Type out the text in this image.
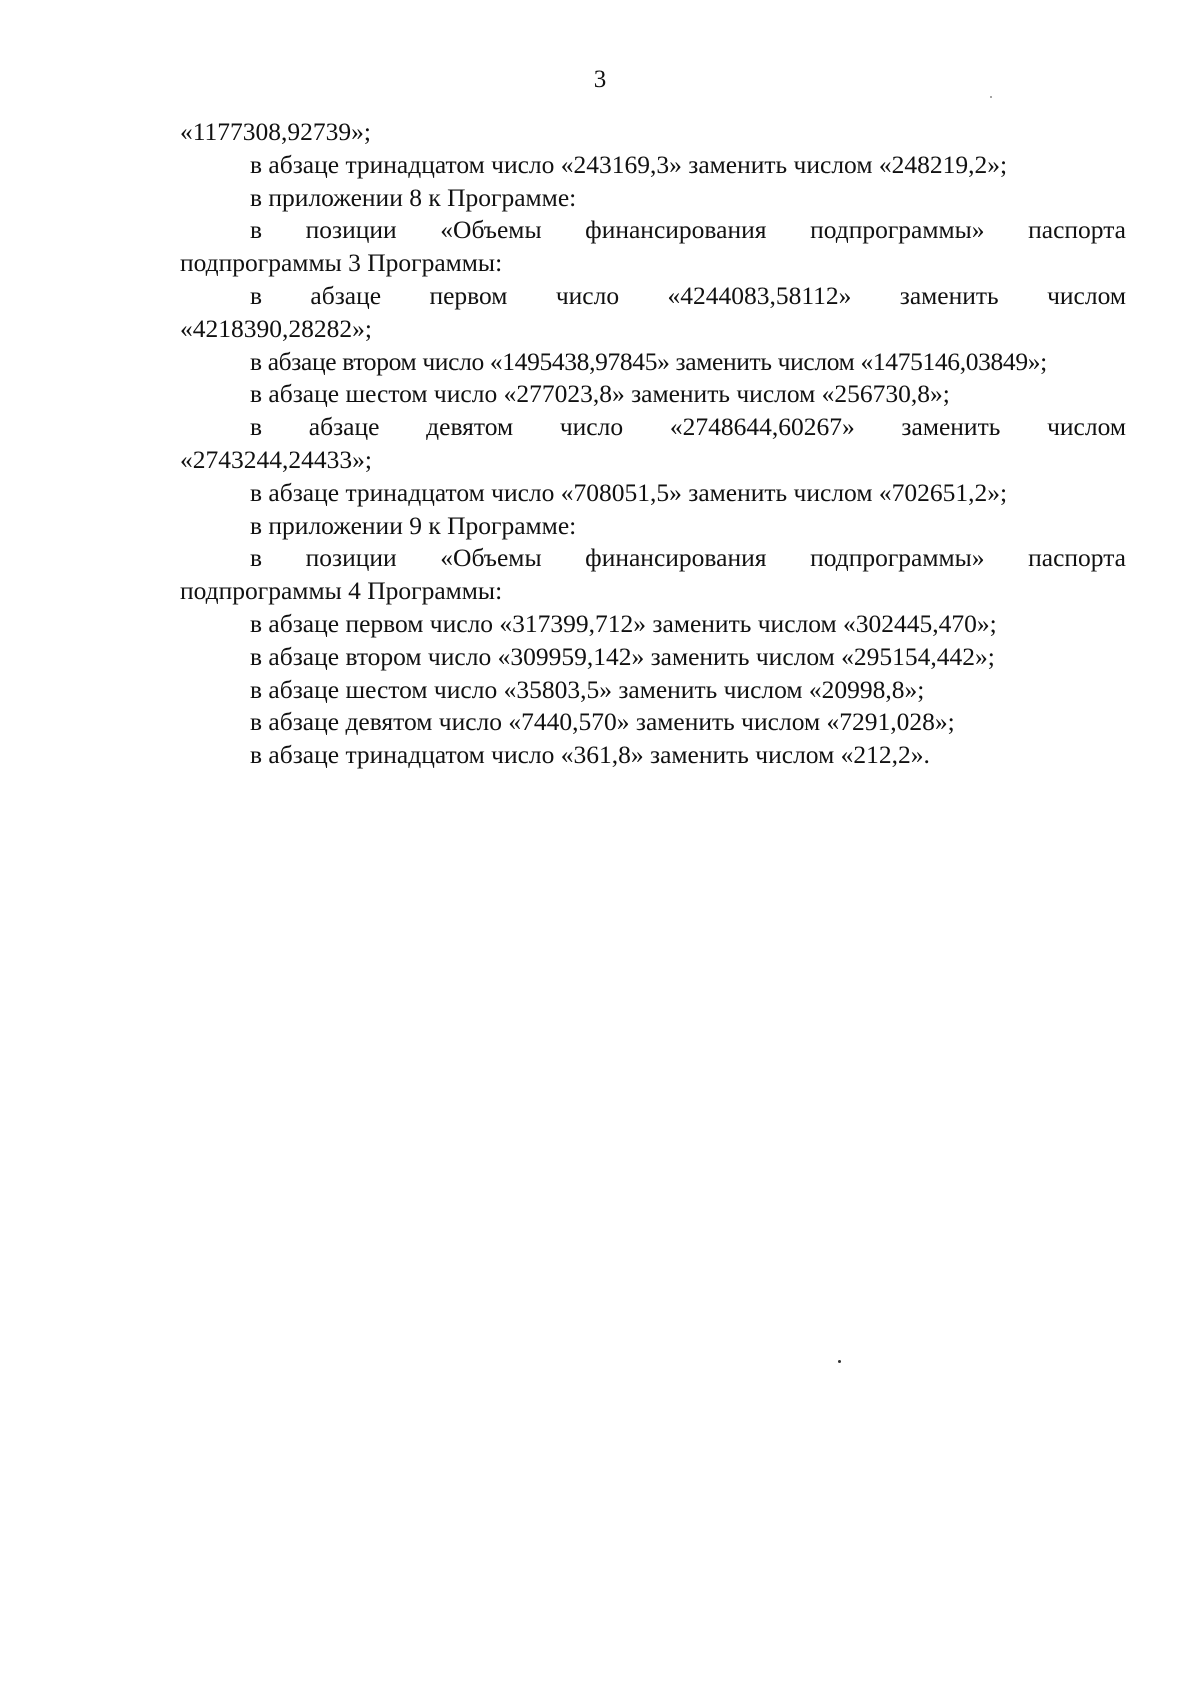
3

«1177308,92739»;

в абзаце тринадцатом число «243169,3» заменить числом «248219,2»;

в приложении 8 к Программе:

в позиции «Объемы финансирования подпрограммы» паспорта
подпрограммы 3 Программы:
в абзаце первом число «4244083,58112» заменить числом
«4218390,28282»;

в абзаце втором число «1495438,97845» заменить числом «1475146,03849»;

в абзаце шестом число «277023,8» заменить числом «256730,8»;

в абзаце девятом число «2748644,60267» заменить числом
«2743244,24433»;

в абзаце тринадцатом число «708051,5» заменить числом «702651,2»;

в приложении 9 к Программе:

в позиции «Объемы финансирования подпрограммы» паспорта
подпрограммы 4 Программы:

в абзаце первом число «317399,712» заменить числом «302445,470»;

в абзаце втором число «309959,142» заменить числом «295154,442»;

в абзаце шестом число «35803,5» заменить числом «20998,8»;

в абзаце девятом число «7440,570» заменить числом «7291,028»;

в абзаце тринадцатом число «361,8» заменить числом «212,2».
